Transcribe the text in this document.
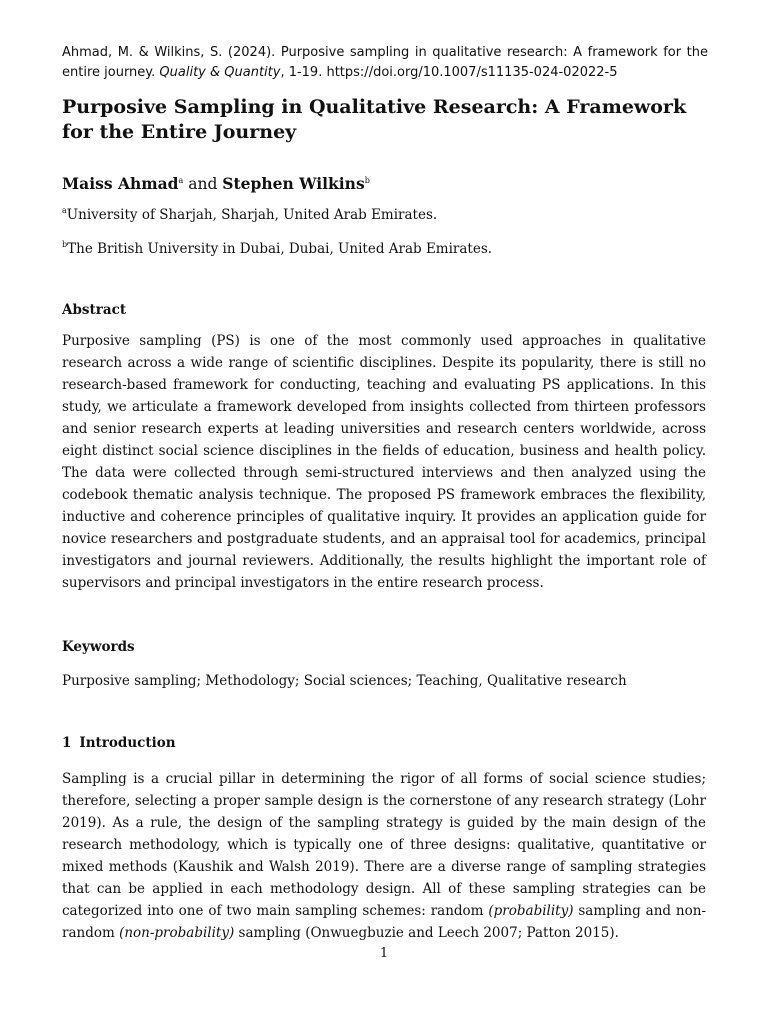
Ahmad, M. & Wilkins, S. (2024). Purposive sampling in qualitative research: A framework for the entire journey. Quality & Quantity, 1-19. https://doi.org/10.1007/s11135-024-02022-5

Purposive Sampling in Qualitative Research: A Framework for the Entire Journey

Maiss Ahmad$^a$ and Stephen Wilkins$^b$

$^a$University of Sharjah, Sharjah, United Arab Emirates.

$^b$The British University in Dubai, Dubai, United Arab Emirates.

Abstract

Purposive sampling (PS) is one of the most commonly used approaches in qualitative research across a wide range of scientific disciplines. Despite its popularity, there is still no research-based framework for conducting, teaching and evaluating PS applications. In this study, we articulate a framework developed from insights collected from thirteen professors and senior research experts at leading universities and research centers worldwide, across eight distinct social science disciplines in the fields of education, business and health policy. The data were collected through semi-structured interviews and then analyzed using the codebook thematic analysis technique. The proposed PS framework embraces the flexibility, inductive and coherence principles of qualitative inquiry. It provides an application guide for novice researchers and postgraduate students, and an appraisal tool for academics, principal investigators and journal reviewers. Additionally, the results highlight the important role of supervisors and principal investigators in the entire research process.

Keywords

Purposive sampling; Methodology; Social sciences; Teaching, Qualitative research

1 Introduction

Sampling is a crucial pillar in determining the rigor of all forms of social science studies; therefore, selecting a proper sample design is the cornerstone of any research strategy (Lohr 2019). As a rule, the design of the sampling strategy is guided by the main design of the research methodology, which is typically one of three designs: qualitative, quantitative or mixed methods (Kaushik and Walsh 2019). There are a diverse range of sampling strategies that can be applied in each methodology design. All of these sampling strategies can be categorized into one of two main sampling schemes: random (probability) sampling and non-random (non-probability) sampling (Onwuegbuzie and Leech 2007; Patton 2015).

1
